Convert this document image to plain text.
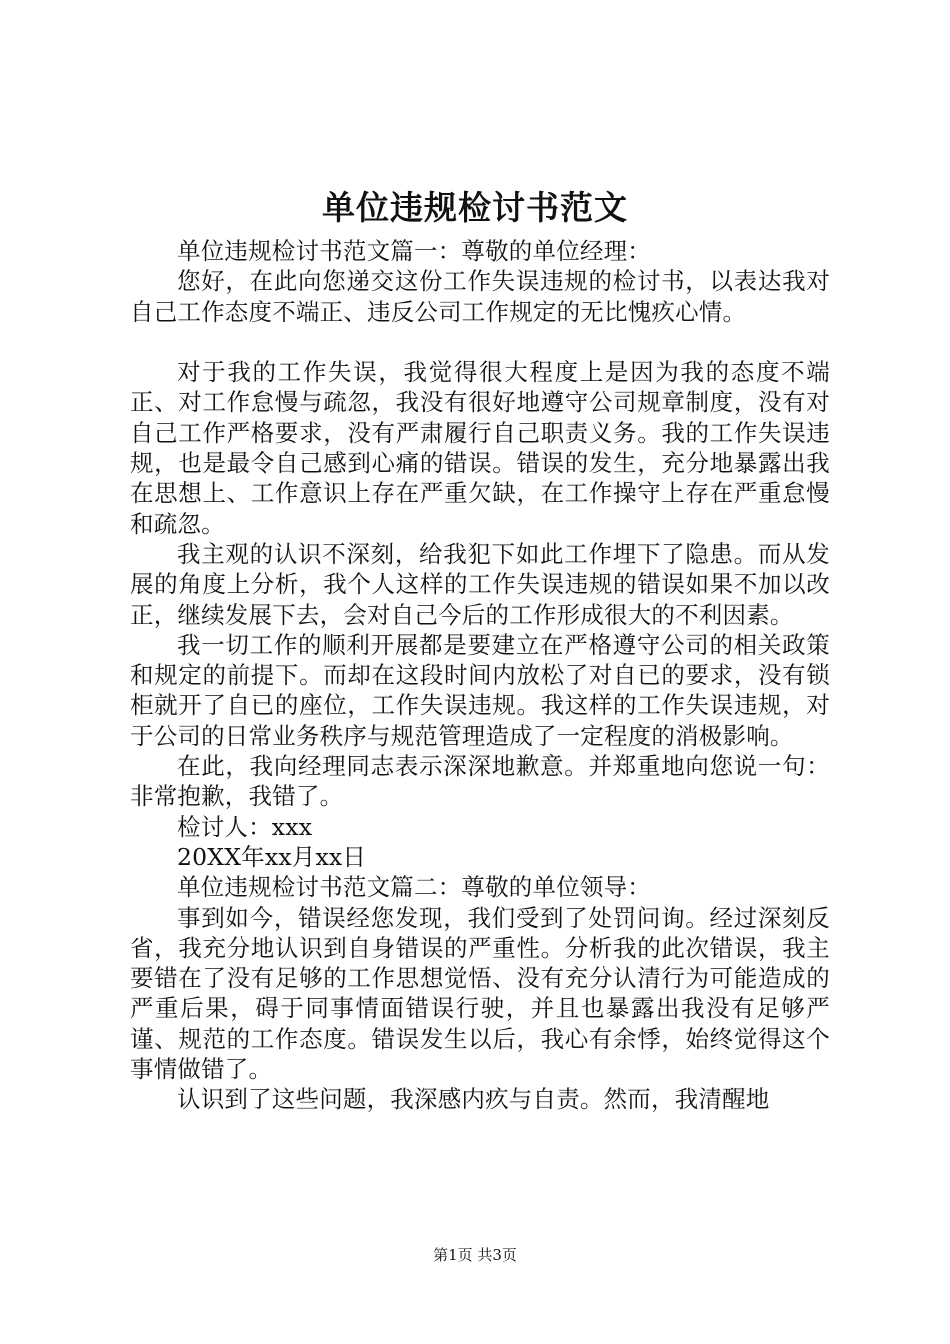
单位违规检讨书范文

单位违规检讨书范文篇一：尊敬的单位经理：

您好，在此向您递交这份工作失误违规的检讨书，以表达我对自己工作态度不端正、违反公司工作规定的无比愧疚心情。

对于我的工作失误，我觉得很大程度上是因为我的态度不端正、对工作怠慢与疏忽，我没有很好地遵守公司规章制度，没有对自己工作严格要求，没有严肃履行自己职责义务。我的工作失误违规，也是最令自己感到心痛的错误。错误的发生，充分地暴露出我在思想上、工作意识上存在严重欠缺，在工作操守上存在严重怠慢和疏忽。

我主观的认识不深刻，给我犯下如此工作埋下了隐患。而从发展的角度上分析，我个人这样的工作失误违规的错误如果不加以改正，继续发展下去，会对自己今后的工作形成很大的不利因素。

我一切工作的顺利开展都是要建立在严格遵守公司的相关政策和规定的前提下。而却在这段时间内放松了对自已的要求，没有锁柜就开了自已的座位，工作失误违规。我这样的工作失误违规，对于公司的日常业务秩序与规范管理造成了一定程度的消极影响。

在此，我向经理同志表示深深地歉意。并郑重地向您说一句：非常抱歉，我错了。

检讨人：xxx

20XX年xx月xx日

单位违规检讨书范文篇二：尊敬的单位领导：

事到如今，错误经您发现，我们受到了处罚问询。经过深刻反省，我充分地认识到自身错误的严重性。分析我的此次错误，我主要错在了没有足够的工作思想觉悟、没有充分认清行为可能造成的严重后果，碍于同事情面错误行驶，并且也暴露出我没有足够严谨、规范的工作态度。错误发生以后，我心有余悸，始终觉得这个事情做错了。

认识到了这些问题，我深感内疚与自责。然而，我清醒地

第1页 共3页
